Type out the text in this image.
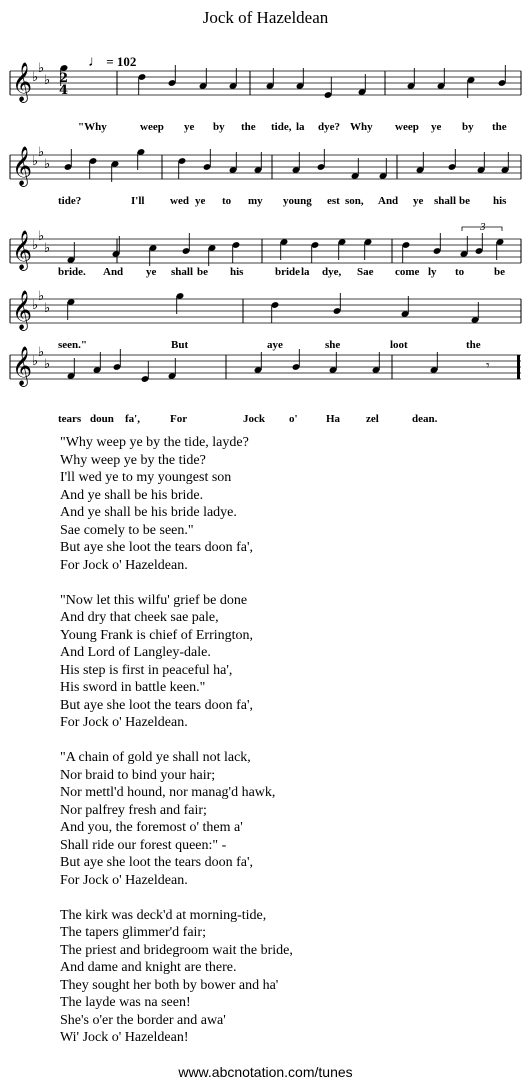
Jock of Hazeldean
♩ = 102
𝄞 ♭
♭
♭ 2
4
𝄞 ♭
♭
♭
𝄞 ♭
♭
♭
𝄞 ♭
♭
♭
𝄞 ♭
♭
♭
3
𝄾
"Why	weep ye by the tide, la dye? Why weep ye by the
tide?	I'll wed ye to my young est son, And ye shall be his
bride. And ye shall be his	bride la dye, Sae come ly to	be
seen."	But	aye	she	loot	the
tears doun fa',	For	Jock o'	Ha zel	dean.
"Why weep ye by the tide, layde?
Why weep ye by the tide?
I'll wed ye to my youngest son
And ye shall be his bride.
And ye shall be his bride ladye.
Sae comely to be seen."
But aye she loot the tears doon fa',
For Jock o' Hazeldean.
"Now let this wilfu' grief be done
And dry that cheek sae pale,
Young Frank is chief of Errington,
And Lord of Langley-dale.
His step is first in peaceful ha',
His sword in battle keen."
But aye she loot the tears doon fa',
For Jock o' Hazeldean.
"A chain of gold ye shall not lack,
Nor braid to bind your hair;
Nor mettl'd hound, nor manag'd hawk,
Nor palfrey fresh and fair;
And you, the foremost o' them a'
Shall ride our forest queen:" -
But aye she loot the tears doon fa',
For Jock o' Hazeldean.
The kirk was deck'd at morning-tide,
The tapers glimmer'd fair;
The priest and bridegroom wait the bride,
And dame and knight are there.
They sought her both by bower and ha'
The layde was na seen!
She's o'er the border and awa'
Wi' Jock o' Hazeldean!
www.abcnotation.com/tunes
